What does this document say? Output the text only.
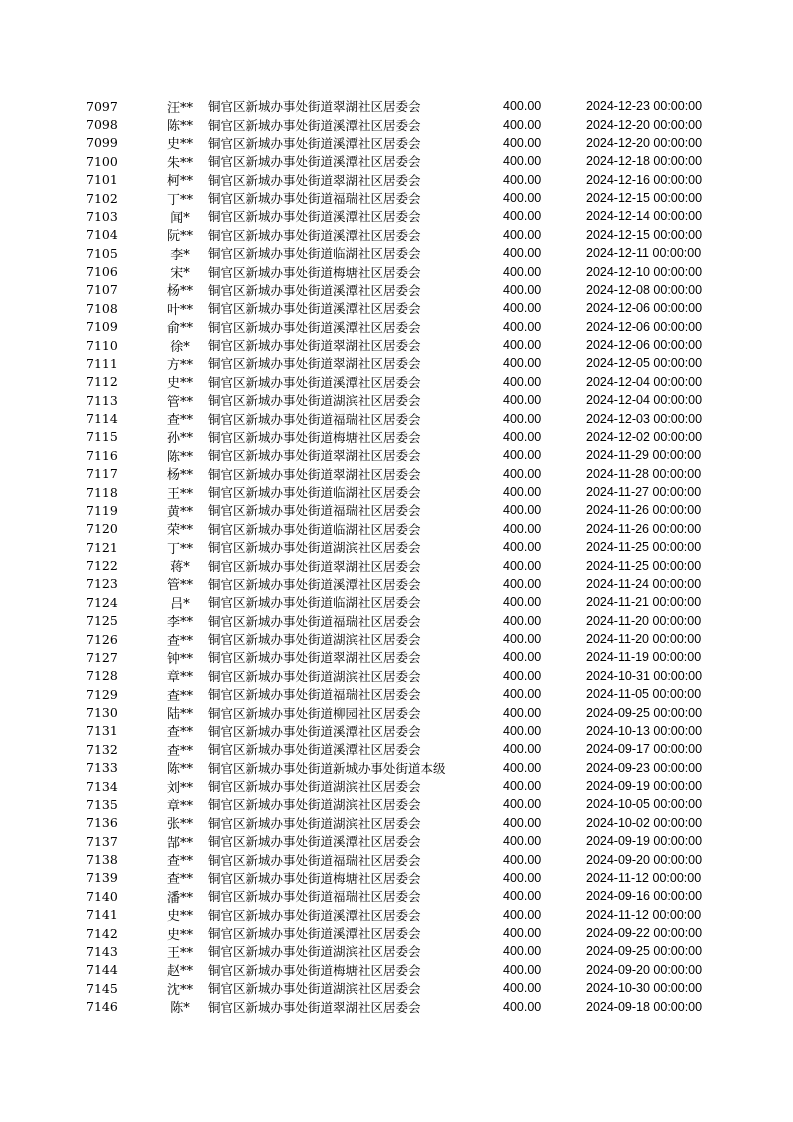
7097	汪**	铜官区新城办事处街道翠湖社区居委会	400.00	2024-12-23 00:00:00
7098	陈**	铜官区新城办事处街道溪潭社区居委会	400.00	2024-12-20 00:00:00
7099	史**	铜官区新城办事处街道溪潭社区居委会	400.00	2024-12-20 00:00:00
7100	朱**	铜官区新城办事处街道溪潭社区居委会	400.00	2024-12-18 00:00:00
7101	柯**	铜官区新城办事处街道翠湖社区居委会	400.00	2024-12-16 00:00:00
7102	丁**	铜官区新城办事处街道福瑞社区居委会	400.00	2024-12-15 00:00:00
7103	闻*	铜官区新城办事处街道溪潭社区居委会	400.00	2024-12-14 00:00:00
7104	阮**	铜官区新城办事处街道溪潭社区居委会	400.00	2024-12-15 00:00:00
7105	李*	铜官区新城办事处街道临湖社区居委会	400.00	2024-12-11 00:00:00
7106	宋*	铜官区新城办事处街道梅塘社区居委会	400.00	2024-12-10 00:00:00
7107	杨**	铜官区新城办事处街道溪潭社区居委会	400.00	2024-12-08 00:00:00
7108	叶**	铜官区新城办事处街道溪潭社区居委会	400.00	2024-12-06 00:00:00
7109	俞**	铜官区新城办事处街道溪潭社区居委会	400.00	2024-12-06 00:00:00
7110	徐*	铜官区新城办事处街道翠湖社区居委会	400.00	2024-12-06 00:00:00
7111	方**	铜官区新城办事处街道翠湖社区居委会	400.00	2024-12-05 00:00:00
7112	史**	铜官区新城办事处街道溪潭社区居委会	400.00	2024-12-04 00:00:00
7113	管**	铜官区新城办事处街道湖滨社区居委会	400.00	2024-12-04 00:00:00
7114	查**	铜官区新城办事处街道福瑞社区居委会	400.00	2024-12-03 00:00:00
7115	孙**	铜官区新城办事处街道梅塘社区居委会	400.00	2024-12-02 00:00:00
7116	陈**	铜官区新城办事处街道翠湖社区居委会	400.00	2024-11-29 00:00:00
7117	杨**	铜官区新城办事处街道翠湖社区居委会	400.00	2024-11-28 00:00:00
7118	王**	铜官区新城办事处街道临湖社区居委会	400.00	2024-11-27 00:00:00
7119	黄**	铜官区新城办事处街道福瑞社区居委会	400.00	2024-11-26 00:00:00
7120	荣**	铜官区新城办事处街道临湖社区居委会	400.00	2024-11-26 00:00:00
7121	丁**	铜官区新城办事处街道湖滨社区居委会	400.00	2024-11-25 00:00:00
7122	蒋*	铜官区新城办事处街道翠湖社区居委会	400.00	2024-11-25 00:00:00
7123	管**	铜官区新城办事处街道溪潭社区居委会	400.00	2024-11-24 00:00:00
7124	吕*	铜官区新城办事处街道临湖社区居委会	400.00	2024-11-21 00:00:00
7125	李**	铜官区新城办事处街道福瑞社区居委会	400.00	2024-11-20 00:00:00
7126	查**	铜官区新城办事处街道湖滨社区居委会	400.00	2024-11-20 00:00:00
7127	钟**	铜官区新城办事处街道翠湖社区居委会	400.00	2024-11-19 00:00:00
7128	章**	铜官区新城办事处街道湖滨社区居委会	400.00	2024-10-31 00:00:00
7129	查**	铜官区新城办事处街道福瑞社区居委会	400.00	2024-11-05 00:00:00
7130	陆**	铜官区新城办事处街道柳园社区居委会	400.00	2024-09-25 00:00:00
7131	查**	铜官区新城办事处街道溪潭社区居委会	400.00	2024-10-13 00:00:00
7132	查**	铜官区新城办事处街道溪潭社区居委会	400.00	2024-09-17 00:00:00
7133	陈**	铜官区新城办事处街道新城办事处街道本级	400.00	2024-09-23 00:00:00
7134	刘**	铜官区新城办事处街道湖滨社区居委会	400.00	2024-09-19 00:00:00
7135	章**	铜官区新城办事处街道湖滨社区居委会	400.00	2024-10-05 00:00:00
7136	张**	铜官区新城办事处街道湖滨社区居委会	400.00	2024-10-02 00:00:00
7137	郜**	铜官区新城办事处街道溪潭社区居委会	400.00	2024-09-19 00:00:00
7138	查**	铜官区新城办事处街道福瑞社区居委会	400.00	2024-09-20 00:00:00
7139	查**	铜官区新城办事处街道梅塘社区居委会	400.00	2024-11-12 00:00:00
7140	潘**	铜官区新城办事处街道福瑞社区居委会	400.00	2024-09-16 00:00:00
7141	史**	铜官区新城办事处街道溪潭社区居委会	400.00	2024-11-12 00:00:00
7142	史**	铜官区新城办事处街道溪潭社区居委会	400.00	2024-09-22 00:00:00
7143	王**	铜官区新城办事处街道湖滨社区居委会	400.00	2024-09-25 00:00:00
7144	赵**	铜官区新城办事处街道梅塘社区居委会	400.00	2024-09-20 00:00:00
7145	沈**	铜官区新城办事处街道湖滨社区居委会	400.00	2024-10-30 00:00:00
7146	陈*	铜官区新城办事处街道翠湖社区居委会	400.00	2024-09-18 00:00:00
